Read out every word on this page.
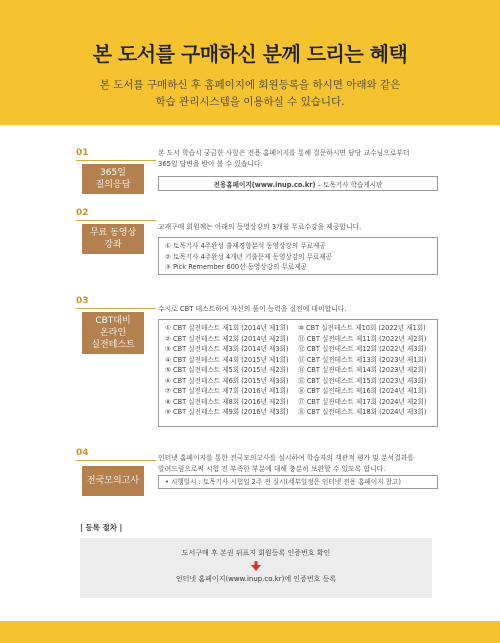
본 도서를 구매하신 분께 드리는 혜택
본 도서를 구매하신 후 홈페이지에 회원등록을 하시면 아래와 같은
학습 관리시스템을 이용하실 수 있습니다.
01
365일
질의응답
본 도서 학습시 궁금한 사항은 전용 홈페이지를 통해 질문하시면 담당 교수님으로부터
365일 답변을 받아 볼 수 있습니다.
전용홈페이지(www.inup.co.kr) – 토목기사 학습게시판
02
무료 동영상
강좌
교재구매 회원께는 아래의 동영상강의 3개월 무료수강을 제공합니다.
① 토목기사 4주완성 출제경향분석 동영상강의 무료제공
② 토목기사 4주완성 4개년 기출문제 동영상강의 무료제공
③ Pick Remember 600선 동영상강의 무료제공
03
CBT대비
온라인
실전테스트
수시로 CBT 테스트하여 자신의 풀이 능력을 실전에 대비합니다.
① CBT 실전테스트 제1회 (2014년 제1회)
② CBT 실전테스트 제2회 (2014년 제2회)
③ CBT 실전테스트 제3회 (2014년 제3회)
④ CBT 실전테스트 제4회 (2015년 제1회)
⑤ CBT 실전테스트 제5회 (2015년 제2회)
⑥ CBT 실전테스트 제6회 (2015년 제3회)
⑦ CBT 실전테스트 제7회 (2016년 제1회)
⑧ CBT 실전테스트 제8회 (2016년 제2회)
⑨ CBT 실전테스트 제9회 (2016년 제3회)
⑩ CBT 실전테스트 제10회 (2022년 제1회)
⑪ CBT 실전테스트 제11회 (2022년 제2회)
⑫ CBT 실전테스트 제12회 (2022년 제3회)
⑬ CBT 실전테스트 제13회 (2023년 제1회)
⑭ CBT 실전테스트 제14회 (2023년 제2회)
⑮ CBT 실전테스트 제15회 (2023년 제3회)
⑯ CBT 실전테스트 제16회 (2024년 제1회)
⑰ CBT 실전테스트 제17회 (2024년 제2회)
⑱ CBT 실전테스트 제18회 (2024년 제3회)
04
전국모의고사
인터넷 홈페이지를 통한 전국모의고사를 실시하여 학습자의 객관적 평가 및 분석결과를
알려드림으로써 시험 전 부족한 부분에 대해 충분히 보완할 수 있도록 합니다.
• 시행일시 : 토목기사 시험일 2주 전 실시(세부일정은 인터넷 전용 홈페이지 참고)
| 등록 절차 |
도서구매 후 본권 뒤표지 회원등록 인증번호 확인
인터넷 홈페이지(www.inup.co.kr)에 인증번호 등록
